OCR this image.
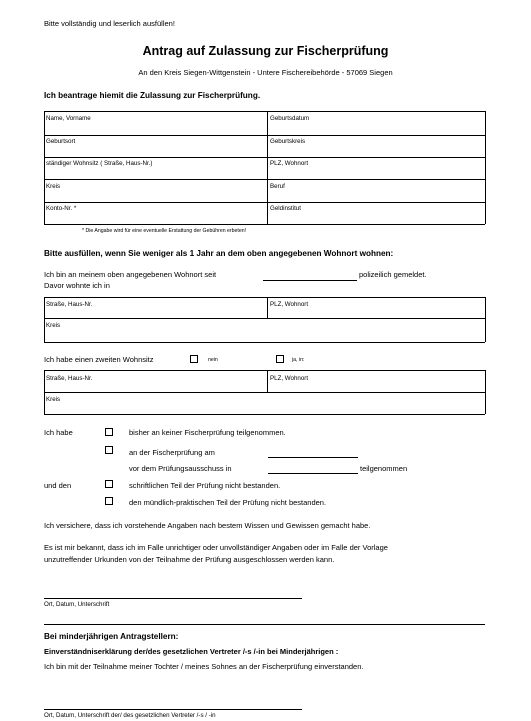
Bitte vollständig und leserlich ausfüllen!
Antrag auf Zulassung zur Fischerprüfung
An den Kreis Siegen-Wittgenstein - Untere Fischereibehörde - 57069 Siegen
Ich beantrage hiemit die Zulassung zur Fischerprüfung.
Name, Vorname	Geburtsdatum
Geburtsort	Geburtskreis
ständiger Wohnsitz ( Straße, Haus-Nr.)	PLZ, Wohnort
Kreis	Beruf
Konto-Nr. *	Geldinstitut
* Die Angabe wird für eine eventuelle Erstattung der Gebühren erbeten!
Bitte ausfüllen, wenn Sie weniger als 1 Jahr an dem oben angegebenen Wohnort wohnen:
Ich bin an meinem oben angegebenen Wohnort seit	polizeilich gemeldet.
Davor wohnte ich in
Straße, Haus-Nr.	PLZ, Wohnort
Kreis
Ich habe einen zweiten Wohnsitz	nein	ja, in:
Straße, Haus-Nr.	PLZ, Wohnort
Kreis
Ich habe	bisher an keiner Fischerprüfung teilgenommen.
an der Fischerprüfung am
vor dem Prüfungsausschuss in	teilgenommen
und den	schriftlichen Teil der Prüfung nicht bestanden.
den mündlich-praktischen Teil der Prüfung nicht bestanden.
Ich versichere, dass ich vorstehende Angaben nach bestem Wissen und Gewissen gemacht habe.
Es ist mir bekannt, dass ich im Falle unrichtiger oder unvollständiger Angaben oder im Falle der Vorlage
unzutreffender Urkunden von der Teilnahme der Prüfung ausgeschlossen werden kann.
Ort, Datum, Unterschrift
Bei minderjährigen Antragstellern:
Einverständniserklärung der/des gesetzlichen Vertreter /-s /-in bei Minderjährigen :
Ich bin mit der Teilnahme meiner Tochter / meines Sohnes an der Fischerprüfung einverstanden.
Ort, Datum, Unterschrift der/ des gesetzlichen Vertreter /-s / -in
